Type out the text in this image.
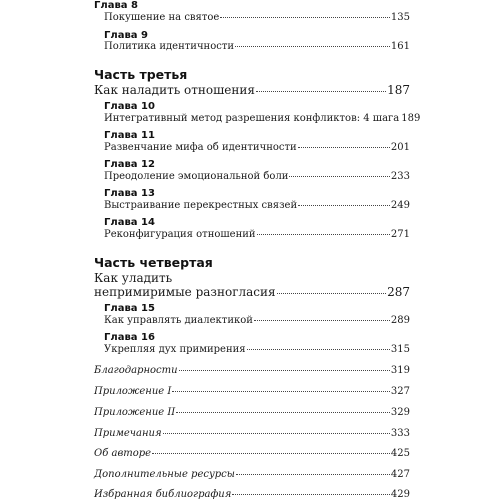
Глава 8
Покушение на святое	135
Глава 9
Политика идентичности	161
Часть третья
Как наладить отношения	187
Глава 10
Интегративный метод разрешения конфликтов: 4 шага 189
Глава 11
Развенчание мифа об идентичности	201
Глава 12
Преодоление эмоциональной боли	233
Глава 13
Выстраивание перекрестных связей	249
Глава 14
Реконфигурация отношений	271
Часть четвертая
Как уладить
непримиримые разногласия	287
Глава 15
Как управлять диалектикой	289
Глава 16
Укрепляя дух примирения	315
Благодарности	319
Приложение I	327
Приложение II	329
Примечания	333
Об авторе	425
Дополнительные ресурсы	427
Избранная библиография	429
